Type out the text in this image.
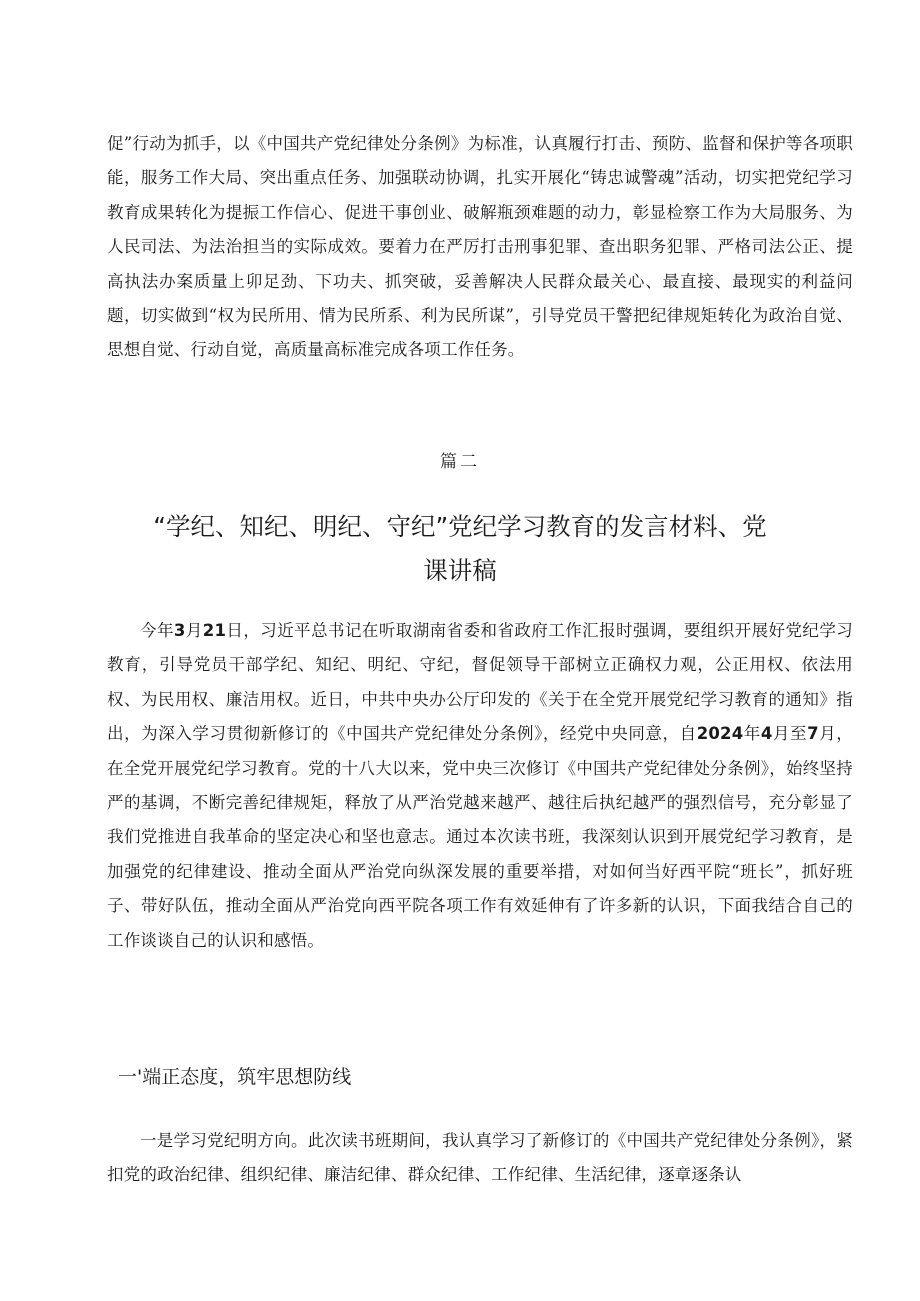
促”行动为抓手，以《中国共产党纪律处分条例》为标准，认真履行打击、预防、监督和保护等各项职能，服务工作大局、突出重点任务、加强联动协调，扎实开展化“铸忠诚警魂”活动，切实把党纪学习教育成果转化为提振工作信心、促进干事创业、破解瓶颈难题的动力，彰显检察工作为大局服务、为人民司法、为法治担当的实际成效。要着力在严厉打击刑事犯罪、查出职务犯罪、严格司法公正、提高执法办案质量上卯足劲、下功夫、抓突破，妥善解决人民群众最关心、最直接、最现实的利益问题，切实做到“权为民所用、情为民所系、利为民所谋”，引导党员干警把纪律规矩转化为政治自觉、思想自觉、行动自觉，高质量高标准完成各项工作任务。

篇二

“学纪、知纪、明纪、守纪”党纪学习教育的发言材料、党
课讲稿

今年3月21日，习近平总书记在听取湖南省委和省政府工作汇报时强调，要组织开展好党纪学习教育，引导党员干部学纪、知纪、明纪、守纪，督促领导干部树立正确权力观，公正用权、依法用权、为民用权、廉洁用权。近日，中共中央办公厅印发的《关于在全党开展党纪学习教育的通知》指出，为深入学习贯彻新修订的《中国共产党纪律处分条例》，经党中央同意，自2024年4月至7月，在全党开展党纪学习教育。党的十八大以来，党中央三次修订《中国共产党纪律处分条例》，始终坚持严的基调，不断完善纪律规矩，释放了从严治党越来越严、越往后执纪越严的强烈信号，充分彰显了我们党推进自我革命的坚定决心和坚也意志。通过本次读书班，我深刻认识到开展党纪学习教育，是加强党的纪律建设、推动全面从严治党向纵深发展的重要举措，对如何当好西平院“班长”，抓好班子、带好队伍，推动全面从严治党向西平院各项工作有效延伸有了许多新的认识，下面我结合自己的工作谈谈自己的认识和感悟。

一'端正态度，筑牢思想防线

一是学习党纪明方向。此次读书班期间，我认真学习了新修订的《中国共产党纪律处分条例》，紧扣党的政治纪律、组织纪律、廉洁纪律、群众纪律、工作纪律、生活纪律，逐章逐条认
